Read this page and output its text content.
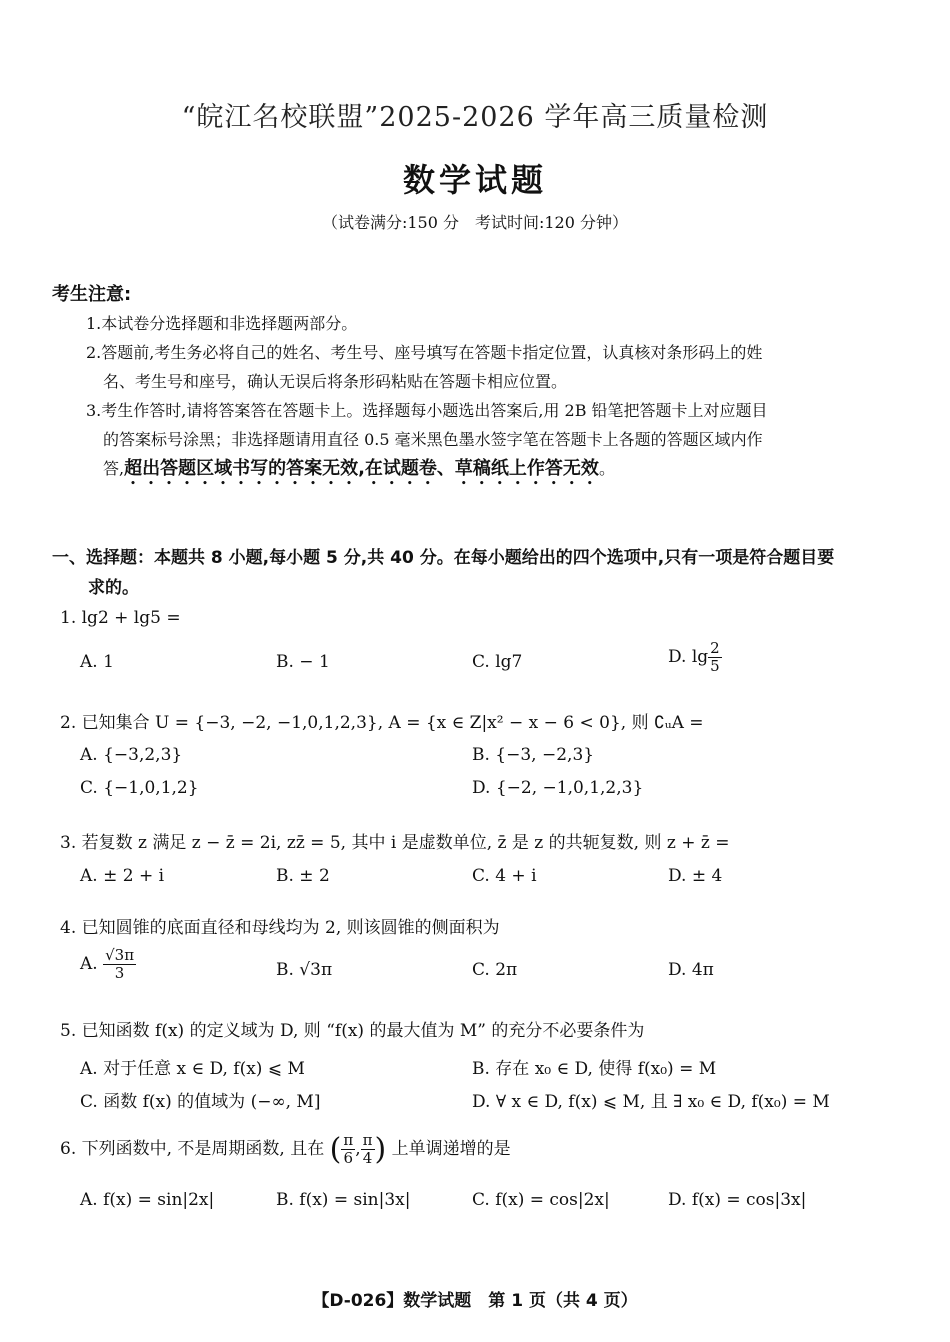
“皖江名校联盟”2025-2026 学年高三质量检测
数学试题
（试卷满分:150 分　考试时间:120 分钟）
考生注意:
1.本试卷分选择题和非选择题两部分。
2.答题前,考生务必将自己的姓名、考生号、座号填写在答题卡指定位置，认真核对条形码上的姓
名、考生号和座号，确认无误后将条形码粘贴在答题卡相应位置。
3.考生作答时,请将答案答在答题卡上。选择题每小题选出答案后,用 2B 铅笔把答题卡上对应题目
的答案标号涂黑；非选择题请用直径 0.5 毫米黑色墨水签字笔在答题卡上各题的答题区域内作
答,超出答题区域书写的答案无效,在试题卷、草稿纸上作答无效。
一、选择题：本题共 8 小题,每小题 5 分,共 40 分。在每小题给出的四个选项中,只有一项是符合题目要
求的。
1. lg2 + lg5 =
A. 1	B. − 1	C. lg7	D. $\lg \frac{2}{5}$
2. 已知集合 U = {−3, −2, −1,0,1,2,3}, A = {x ∈ Z|x² − x − 6 < 0}, 则 ∁ᵤA =
A. {−3,2,3}	B. {−3, −2,3}
C. {−1,0,1,2}	D. {−2, −1,0,1,2,3}
3. 若复数 z 满足 z − z̄ = 2i, zz̄ = 5, 其中 i 是虚数单位, z̄ 是 z 的共轭复数, 则 z + z̄ =
A. ± 2 + i	B. ± 2	C. 4 + i	D. ± 4
4. 已知圆锥的底面直径和母线均为 2, 则该圆锥的侧面积为
A. $\frac{√3\pi}{3}$	B. √3π	C. 2π	D. 4π
5. 已知函数 f(x) 的定义域为 D, 则 “f(x) 的最大值为 M” 的充分不必要条件为
A. 对于任意 x ∈ D, f(x) ⩽ M	B. 存在 x₀ ∈ D, 使得 f(x₀) = M
C. 函数 f(x) 的值域为 (−∞, M]	D. ∀ x ∈ D, f(x) ⩽ M, 且 ∃ x₀ ∈ D, f(x₀) = M
6. 下列函数中, 不是周期函数, 且在 ( $\frac{\pi}{6}$ , $\frac{\pi}{4}$ ) 上单调递增的是
A. f(x) = sin|2x|	B. f(x) = sin|3x|	C. f(x) = cos|2x|	D. f(x) = cos|3x|
【D-026】数学试题　第 1 页（共 4 页）
